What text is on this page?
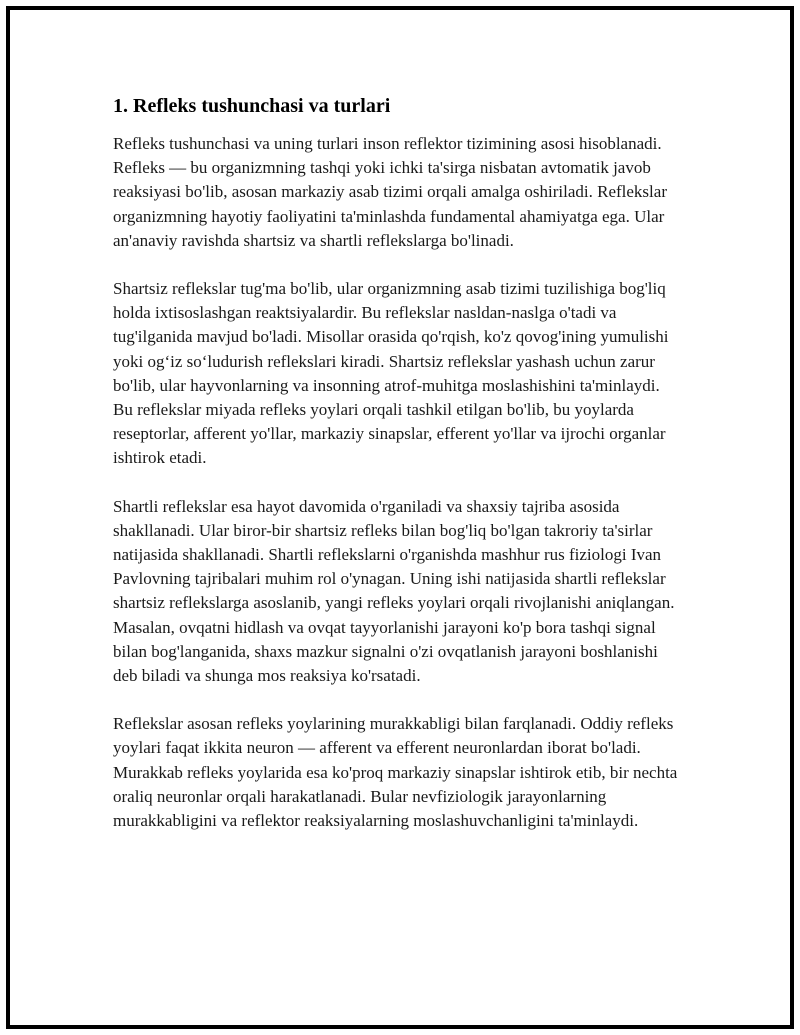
1. Refleks tushunchasi va turlari

Refleks tushunchasi va uning turlari inson reflektor tizimining asosi hisoblanadi. Refleks — bu organizmning tashqi yoki ichki ta'sirga nisbatan avtomatik javob reaksiyasi bo'lib, asosan markaziy asab tizimi orqali amalga oshiriladi. Reflekslar organizmning hayotiy faoliyatini ta'minlashda fundamental ahamiyatga ega. Ular an'anaviy ravishda shartsiz va shartli reflekslarga bo'linadi.

Shartsiz reflekslar tug'ma bo'lib, ular organizmning asab tizimi tuzilishiga bog'liq holda ixtisoslashgan reaktsiyalardir. Bu reflekslar nasldan-naslga o'tadi va tug'ilganida mavjud bo'ladi. Misollar orasida qo'rqish, ko'z qovog'ining yumulishi yoki ogʻiz soʻludurish reflekslari kiradi. Shartsiz reflekslar yashash uchun zarur bo'lib, ular hayvonlarning va insonning atrof-muhitga moslashishini ta'minlaydi. Bu reflekslar miyada refleks yoylari orqali tashkil etilgan bo'lib, bu yoylarda reseptorlar, afferent yo'llar, markaziy sinapslar, efferent yo'llar va ijrochi organlar ishtirok etadi.

Shartli reflekslar esa hayot davomida o'rganiladi va shaxsiy tajriba asosida shakllanadi. Ular biror-bir shartsiz refleks bilan bog'liq bo'lgan takroriy ta'sirlar natijasida shakllanadi. Shartli reflekslarni o'rganishda mashhur rus fiziologi Ivan Pavlovning tajribalari muhim rol o'ynagan. Uning ishi natijasida shartli reflekslar shartsiz reflekslarga asoslanib, yangi refleks yoylari orqali rivojlanishi aniqlangan. Masalan, ovqatni hidlash va ovqat tayyorlanishi jarayoni ko'p bora tashqi signal bilan bog'langanida, shaxs mazkur signalni o'zi ovqatlanish jarayoni boshlanishi deb biladi va shunga mos reaksiya ko'rsatadi.

Reflekslar asosan refleks yoylarining murakkabligi bilan farqlanadi. Oddiy refleks yoylari faqat ikkita neuron — afferent va efferent neuronlardan iborat bo'ladi. Murakkab refleks yoylarida esa ko'proq markaziy sinapslar ishtirok etib, bir nechta oraliq neuronlar orqali harakatlanadi. Bular nevfiziologik jarayonlarning murakkabligini va reflektor reaksiyalarning moslashuvchanligini ta'minlaydi.
